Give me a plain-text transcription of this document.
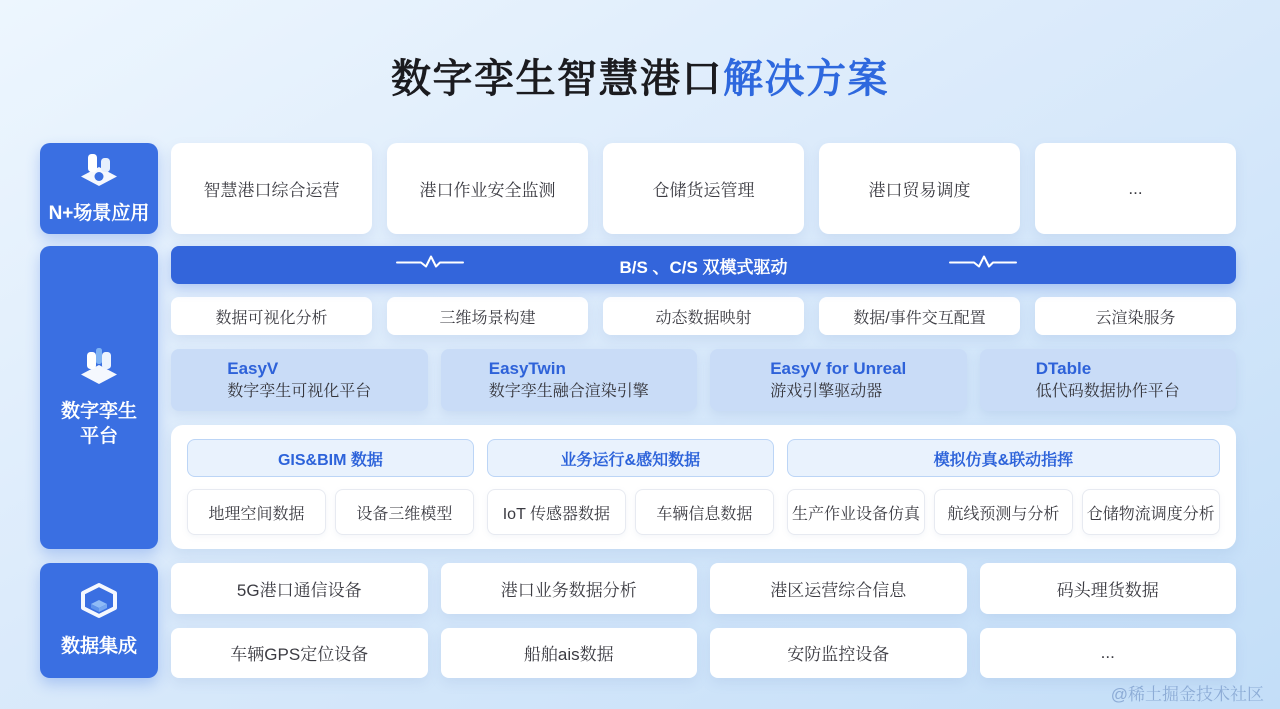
数字孪生智慧港口解决方案
N+场景应用
智慧港口综合运营	港口作业安全监测	仓储货运管理	港口贸易调度	...
数字孪生
平台
B/S 、C/S 双模式驱动
数据可视化分析	三维场景构建	动态数据映射	数据/事件交互配置	云渲染服务
EasyV
数字孪生可视化平台
EasyTwin
数字孪生融合渲染引擎
EasyV for Unreal
游戏引擎驱动器
DTable
低代码数据协作平台
GIS&BIM 数据
地理空间数据	设备三维模型
业务运行&感知数据
IoT 传感器数据	车辆信息数据
模拟仿真&联动指挥
生产作业设备仿真	航线预测与分析	仓储物流调度分析
数据集成
5G港口通信设备	港口业务数据分析	港区运营综合信息	码头理货数据
车辆GPS定位设备	船舶ais数据	安防监控设备	...
@稀土掘金技术社区
